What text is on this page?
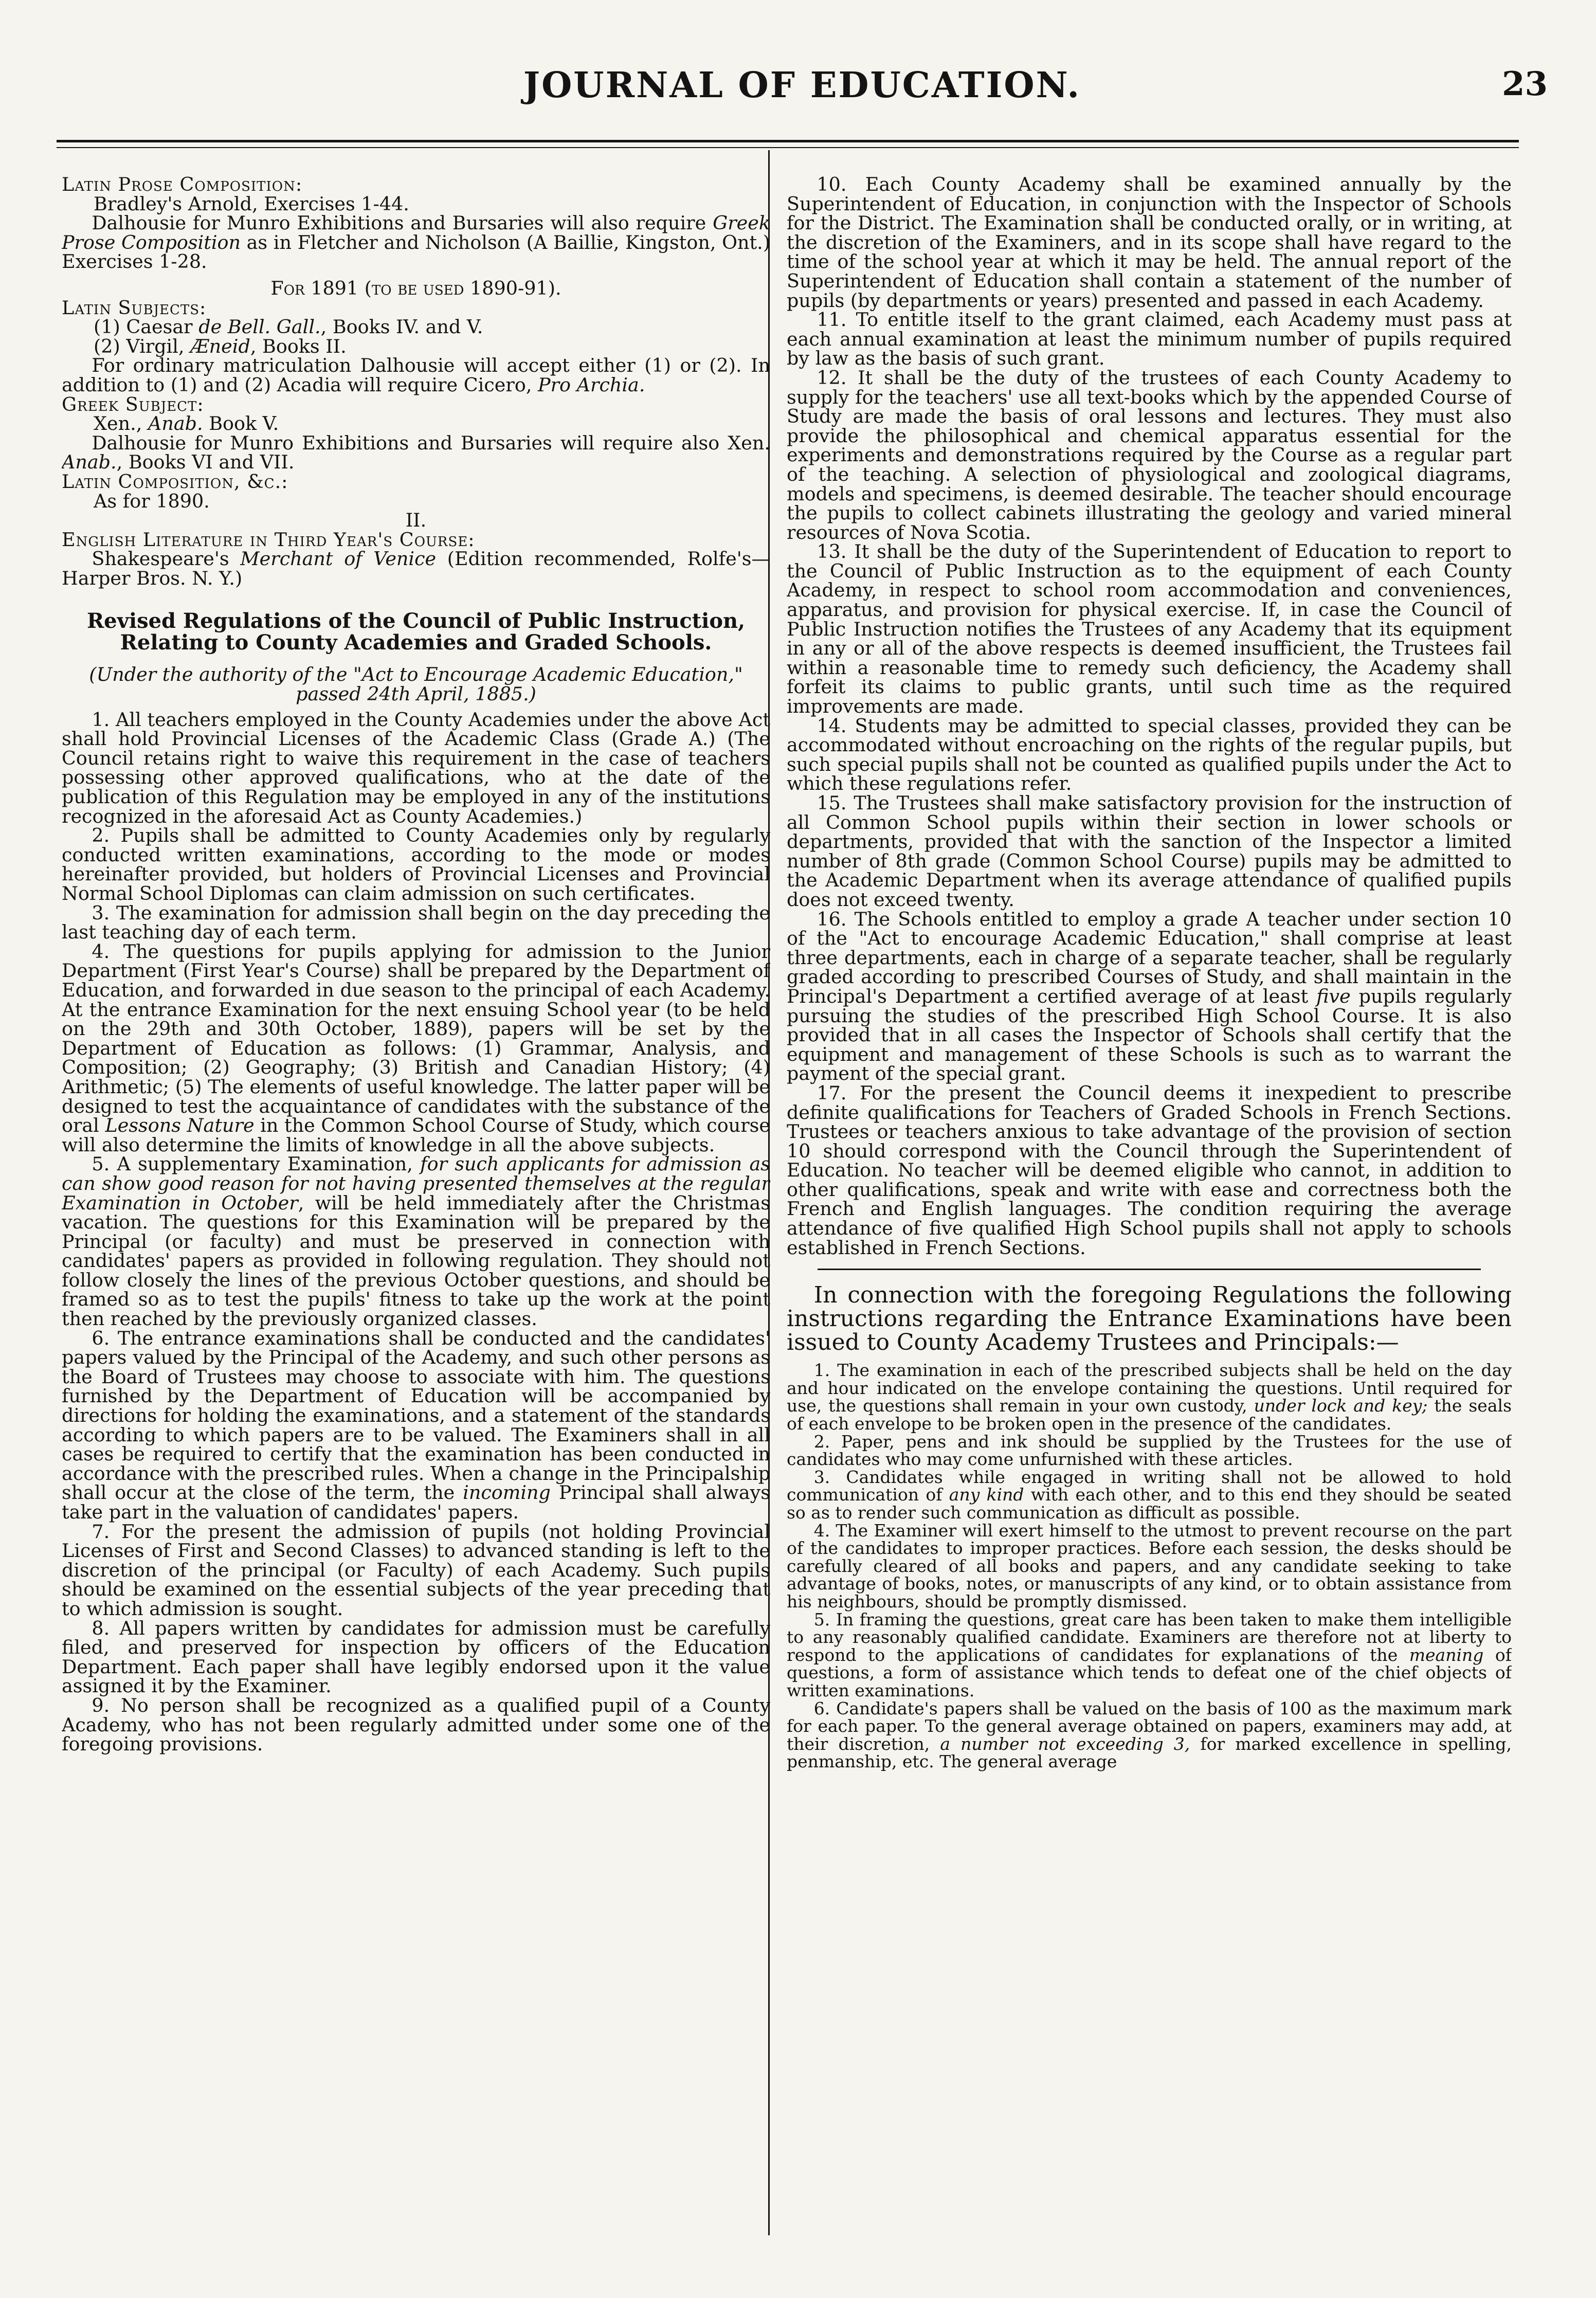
JOURNAL OF EDUCATION.	23

Latin Prose Composition:

Bradley's Arnold, Exercises 1-44.

Dalhousie for Munro Exhibitions and Bursaries will also require Greek Prose Composition as in Fletcher and Nicholson (A Baillie, Kingston, Ont.) Exercises 1-28.

For 1891 (to be used 1890-91).

Latin Subjects:

(1) Caesar de Bell. Gall., Books IV. and V.

(2) Virgil, Æneid, Books II.

For ordinary matriculation Dalhousie will accept either (1) or (2). In addition to (1) and (2) Acadia will require Cicero, Pro Archia.

Greek Subject:

Xen., Anab. Book V.

Dalhousie for Munro Exhibitions and Bursaries will require also Xen. Anab., Books VI and VII.

Latin Composition, &c.:

As for 1890.

II.

English Literature in Third Year's Course:

Shakespeare's Merchant of Venice (Edition recommended, Rolfe's—Harper Bros. N. Y.)

Revised Regulations of the Council of Public Instruction, Relating to County Academies and Graded Schools.

(Under the authority of the "Act to Encourage Academic Education," passed 24th April, 1885.)

1. All teachers employed in the County Academies under the above Act shall hold Provincial Licenses of the Academic Class (Grade A.) (The Council retains right to waive this requirement in the case of teachers possessing other approved qualifications, who at the date of the publication of this Regulation may be employed in any of the institutions recognized in the aforesaid Act as County Academies.)

2. Pupils shall be admitted to County Academies only by regularly conducted written examinations, according to the mode or modes hereinafter provided, but holders of Provincial Licenses and Provincial Normal School Diplomas can claim admission on such certificates.

3. The examination for admission shall begin on the day preceding the last teaching day of each term.

4. The questions for pupils applying for admission to the Junior Department (First Year's Course) shall be prepared by the Department of Education, and forwarded in due season to the principal of each Academy. At the entrance Examination for the next ensuing School year (to be held on the 29th and 30th October, 1889), papers will be set by the Department of Education as follows: (1) Grammar, Analysis, and Composition; (2) Geography; (3) British and Canadian History; (4) Arithmetic; (5) The elements of useful knowledge. The latter paper will be designed to test the acquaintance of candidates with the substance of the oral Lessons Nature in the Common School Course of Study, which course will also determine the limits of knowledge in all the above subjects.

5. A supplementary Examination, for such applicants for admission as can show good reason for not having presented themselves at the regular Examination in October, will be held immediately after the Christmas vacation. The questions for this Examination will be prepared by the Principal (or faculty) and must be preserved in connection with candidates' papers as provided in following regulation. They should not follow closely the lines of the previous October questions, and should be framed so as to test the pupils' fitness to take up the work at the point then reached by the previously organized classes.

6. The entrance examinations shall be conducted and the candidates' papers valued by the Principal of the Academy, and such other persons as the Board of Trustees may choose to associate with him. The questions furnished by the Department of Education will be accompanied by directions for holding the examinations, and a statement of the standards according to which papers are to be valued. The Examiners shall in all cases be required to certify that the examination has been conducted in accordance with the prescribed rules. When a change in the Principalship shall occur at the close of the term, the incoming Principal shall always take part in the valuation of candidates' papers.

7. For the present the admission of pupils (not holding Provincial Licenses of First and Second Classes) to advanced standing is left to the discretion of the principal (or Faculty) of each Academy. Such pupils should be examined on the essential subjects of the year preceding that to which admission is sought.

8. All papers written by candidates for admission must be carefully filed, and preserved for inspection by officers of the Education Department. Each paper shall have legibly endorsed upon it the value assigned it by the Examiner.

9. No person shall be recognized as a qualified pupil of a County Academy, who has not been regularly admitted under some one of the foregoing provisions.

10. Each County Academy shall be examined annually by the Superintendent of Education, in conjunction with the Inspector of Schools for the District. The Examination shall be conducted orally, or in writing, at the discretion of the Examiners, and in its scope shall have regard to the time of the school year at which it may be held. The annual report of the Superintendent of Education shall contain a statement of the number of pupils (by departments or years) presented and passed in each Academy.

11. To entitle itself to the grant claimed, each Academy must pass at each annual examination at least the minimum number of pupils required by law as the basis of such grant.

12. It shall be the duty of the trustees of each County Academy to supply for the teachers' use all text-books which by the appended Course of Study are made the basis of oral lessons and lectures. They must also provide the philosophical and chemical apparatus essential for the experiments and demonstrations required by the Course as a regular part of the teaching. A selection of physiological and zoological diagrams, models and specimens, is deemed desirable. The teacher should encourage the pupils to collect cabinets illustrating the geology and varied mineral resources of Nova Scotia.

13. It shall be the duty of the Superintendent of Education to report to the Council of Public Instruction as to the equipment of each County Academy, in respect to school room accommodation and conveniences, apparatus, and provision for physical exercise. If, in case the Council of Public Instruction notifies the Trustees of any Academy that its equipment in any or all of the above respects is deemed insufficient, the Trustees fail within a reasonable time to remedy such deficiency, the Academy shall forfeit its claims to public grants, until such time as the required improvements are made.

14. Students may be admitted to special classes, provided they can be accommodated without encroaching on the rights of the regular pupils, but such special pupils shall not be counted as qualified pupils under the Act to which these regulations refer.

15. The Trustees shall make satisfactory provision for the instruction of all Common School pupils within their section in lower schools or departments, provided that with the sanction of the Inspector a limited number of 8th grade (Common School Course) pupils may be admitted to the Academic Department when its average attendance of qualified pupils does not exceed twenty.

16. The Schools entitled to employ a grade A teacher under section 10 of the "Act to encourage Academic Education," shall comprise at least three departments, each in charge of a separate teacher, shall be regularly graded according to prescribed Courses of Study, and shall maintain in the Principal's Department a certified average of at least five pupils regularly pursuing the studies of the prescribed High School Course. It is also provided that in all cases the Inspector of Schools shall certify that the equipment and management of these Schools is such as to warrant the payment of the special grant.

17. For the present the Council deems it inexpedient to prescribe definite qualifications for Teachers of Graded Schools in French Sections. Trustees or teachers anxious to take advantage of the provision of section 10 should correspond with the Council through the Superintendent of Education. No teacher will be deemed eligible who cannot, in addition to other qualifications, speak and write with ease and correctness both the French and English languages. The condition requiring the average attendance of five qualified High School pupils shall not apply to schools established in French Sections.

In connection with the foregoing Regulations the following instructions regarding the Entrance Examinations have been issued to County Academy Trustees and Principals:—

1. The examination in each of the prescribed subjects shall be held on the day and hour indicated on the envelope containing the questions. Until required for use, the questions shall remain in your own custody, under lock and key; the seals of each envelope to be broken open in the presence of the candidates.

2. Paper, pens and ink should be supplied by the Trustees for the use of candidates who may come unfurnished with these articles.

3. Candidates while engaged in writing shall not be allowed to hold communication of any kind with each other, and to this end they should be seated so as to render such communication as difficult as possible.

4. The Examiner will exert himself to the utmost to prevent recourse on the part of the candidates to improper practices. Before each session, the desks should be carefully cleared of all books and papers, and any candidate seeking to take advantage of books, notes, or manuscripts of any kind, or to obtain assistance from his neighbours, should be promptly dismissed.

5. In framing the questions, great care has been taken to make them intelligible to any reasonably qualified candidate. Examiners are therefore not at liberty to respond to the applications of candidates for explanations of the meaning of questions, a form of assistance which tends to defeat one of the chief objects of written examinations.

6. Candidate's papers shall be valued on the basis of 100 as the maximum mark for each paper. To the general average obtained on papers, examiners may add, at their discretion, a number not exceeding 3, for marked excellence in spelling, penmanship, etc. The general average
